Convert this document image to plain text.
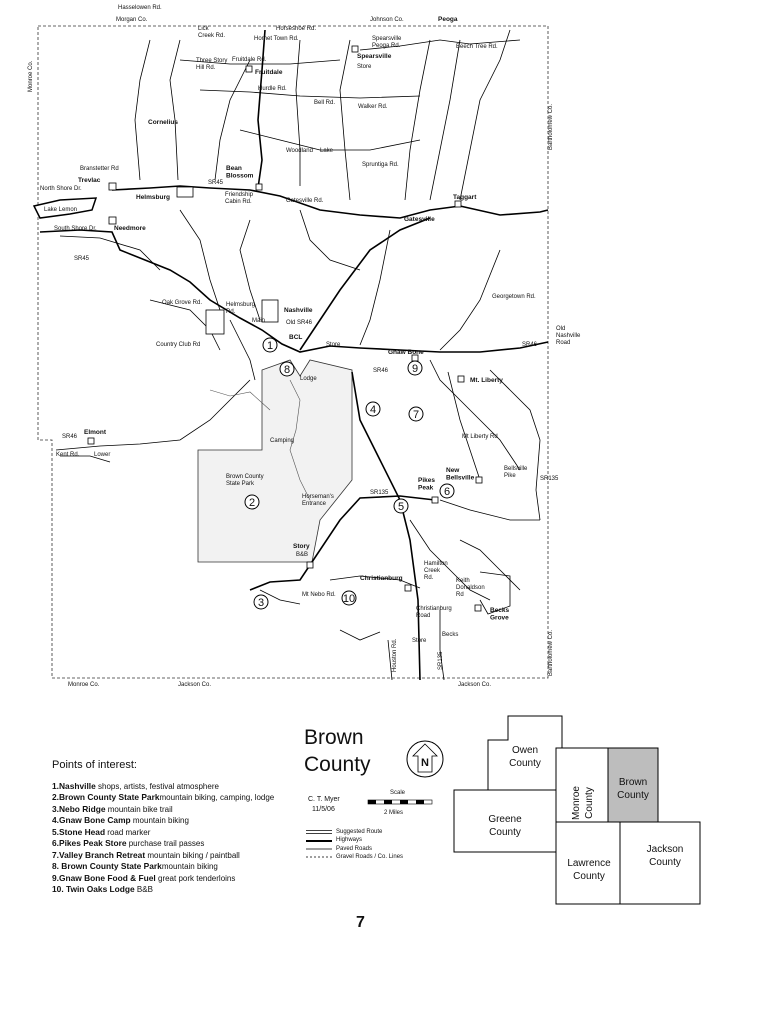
1
2
3
4
5
6
7
8	9
10
Hasselowen Rd.
Morgan Co.
Lick Creek Rd.
Horseshoe Rd.
Johnson Co.	Peoga
Spearsville Peoga Rd.	Beech Tree Rd.
Hornet Town Rd.
Fruitdale Rd.
Three Story Hill Rd.
Fruitdale
Spearsville
Store
Hurdle Rd.
Bell Rd.
Walker Rd.
Monroe Co.
Bartholomew Co.
Cornelius
Woodland Lake
Spruntiga Rd.
Bean Blossom
Friendship Cabin Rd.
Branstetter Rd
Trevlac
North Shore Dr.
Helmsburg
SR45
Gatesville Rd.	Taggart
Gatesville
Lake Lemon
South Shore Dr.	Needmore
SR45
Georgetown Rd.
Oak Grove Rd.	Helmsburg Rd.	Nashville
Main	Old SR46
BCL
Country Club Rd	Store
Gnaw Bone
Old Nashville Road
SR46
SR46
Lodge	Mt. Liberty
Elmont
SR46
Kent Rd. Lower
Camping
Mt Liberty Rd
Brown County State Park
New Bellsville
Bellsville Pike
Pikes Peak
SR135
SR135
Horseman's Entrance
Story
B&B
Christianburg
Hamilton Creek Rd.
Keith Donaldson Rd
Mt Nebo Rd.
Christianburg Road
Becks Grove
Becks
Store	Bartholomew Co.
Monroe Co.	Jackson Co.	Jackson Co.
SR135
Houston Rd.
N
Scale
2 Miles
Owen
County
Monroe
County
Brown
County
Greene
County
Lawrence
County
Jackson
County
Brown
County
C. T. Myer
11/5/06
Suggested Route
Highways
Paved Roads
Gravel Roads / Co. Lines
Points of interest:
1.Nashville shops, artists, festival atmosphere
2.Brown County State Parkmountain biking, camping, lodge
3.Nebo Ridge mountain bike trail
4.Gnaw Bone Camp mountain biking
5.Stone Head road marker
6.Pikes Peak Store purchase trail passes
7.Valley Branch Retreat mountain biking / paintball
8. Brown County State Parkmountain biking
9.Gnaw Bone Food & Fuel great pork tenderloins
10. Twin Oaks Lodge B&B
7
